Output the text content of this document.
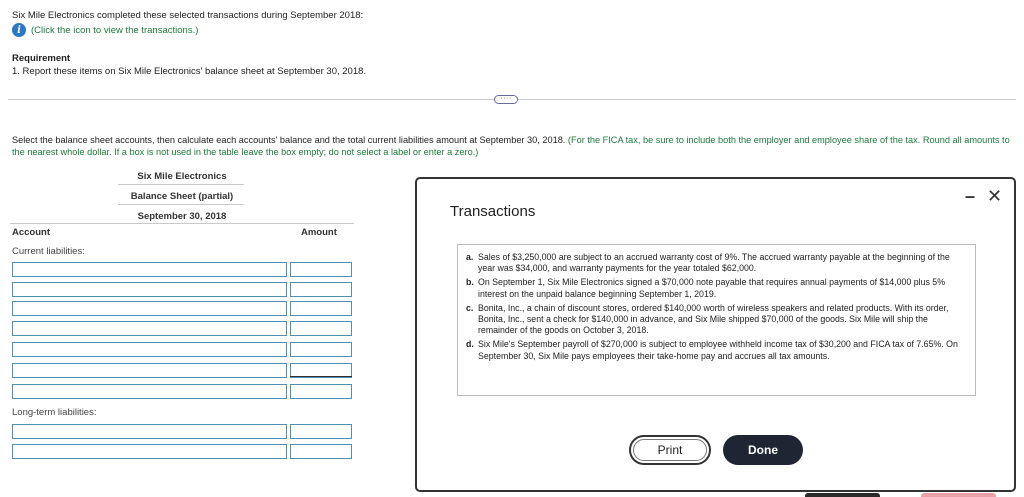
Six Mile Electronics completed these selected transactions during September 2018:
i	(Click the icon to view the transactions.)
Requirement
1. Report these items on Six Mile Electronics' balance sheet at September 30, 2018.
····
Select the balance sheet accounts, then calculate each accounts' balance and the total current liabilities amount at September 30, 2018. (For the FICA tax, be sure to include both the employer and employee share of the tax. Round all amounts to the nearest whole dollar. If a box is not used in the table leave the box empty; do not select a label or enter a zero.)
Six Mile Electronics
Balance Sheet (partial)
September 30, 2018
Account	Amount
Current liabilities:
Long-term liabilities:
Transactions
– ✕
a. Sales of $3,250,000 are subject to an accrued warranty cost of 9%. The accrued warranty payable at the beginning of the year was $34,000, and warranty payments for the year totaled $62,000.
b. On September 1, Six Mile Electronics signed a $70,000 note payable that requires annual payments of $14,000 plus 5% interest on the unpaid balance beginning September 1, 2019.
c. Bonita, Inc., a chain of discount stores, ordered $140,000 worth of wireless speakers and related products. With its order, Bonita, Inc., sent a check for $140,000 in advance, and Six Mile shipped $70,000 of the goods. Six Mile will ship the remainder of the goods on October 3, 2018.
d. Six Mile's September payroll of $270,000 is subject to employee withheld income tax of $30,200 and FICA tax of 7.65%. On September 30, Six Mile pays employees their take-home pay and accrues all tax amounts.
Print	Done
